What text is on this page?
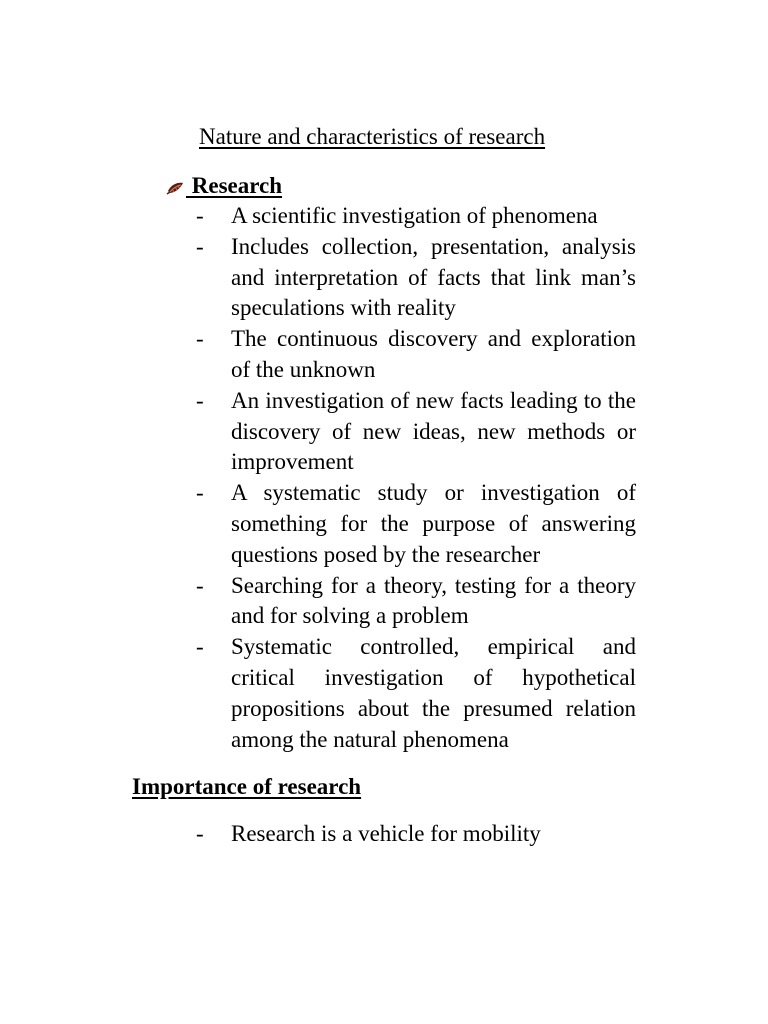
Nature and characteristics of research
Research
-	A scientific investigation of phenomena
-	Includes collection, presentation, analysis and interpretation of facts that link man’s speculations with reality
-	The continuous discovery and exploration of the unknown
-	An investigation of new facts leading to the discovery of new ideas, new methods or improvement
-	A systematic study or investigation of something for the purpose of answering questions posed by the researcher
-	Searching for a theory, testing for a theory and for solving a problem
-	Systematic controlled, empirical and critical investigation of hypothetical propositions about the presumed relation among the natural phenomena
Importance of research
-	Research is a vehicle for mobility
